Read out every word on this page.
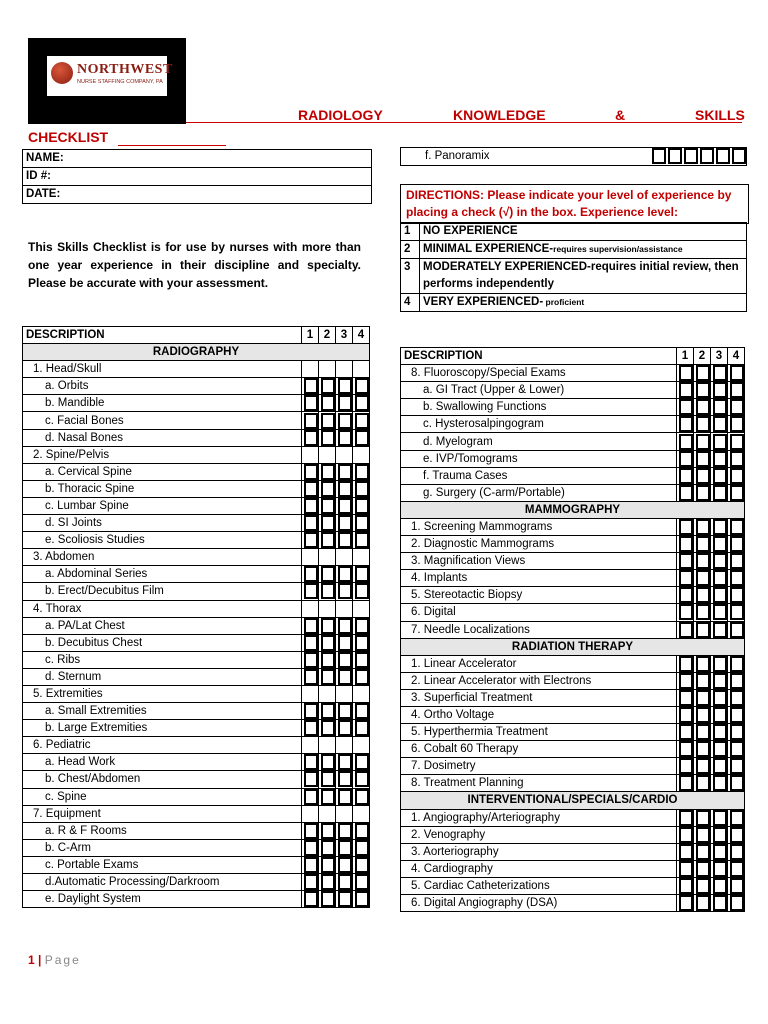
NORTHWEST
NURSE STAFFING COMPANY, PA
RADIOLOGY	KNOWLEDGE	&	SKILLS
CHECKLIST
NAME:
ID #:
DATE:
This Skills Checklist is for use by nurses with more than one year experience in their discipline and specialty. Please be accurate with your assessment.
f. Panoramix	
DIRECTIONS: Please indicate your level of experience by placing a check (√) in the box. Experience level:
1	NO EXPERIENCE
2	MINIMAL EXPERIENCE-requires supervision/assistance
3	MODERATELY EXPERIENCED-requires initial review, then performs independently
4	VERY EXPERIENCED- proficient
DESCRIPTION	1	2	3	4
RADIOGRAPHY				
1. Head/Skull				
a. Orbits				
b. Mandible				
c. Facial Bones				
d. Nasal Bones				
2. Spine/Pelvis				
a. Cervical Spine				
b. Thoracic Spine				
c. Lumbar Spine				
d. SI Joints				
e. Scoliosis Studies				
3. Abdomen				
a. Abdominal Series				
b. Erect/Decubitus Film				
4. Thorax				
a. PA/Lat Chest				
b. Decubitus Chest				
c. Ribs				
d. Sternum				
5. Extremities				
a. Small Extremities				
b. Large Extremities				
6. Pediatric				
a. Head Work				
b. Chest/Abdomen				
c. Spine				
7. Equipment				
a. R & F Rooms				
b. C-Arm				
c. Portable Exams				
d.Automatic Processing/Darkroom				
e. Daylight System				
DESCRIPTION	1	2	3	4
8. Fluoroscopy/Special Exams				
a. GI Tract (Upper & Lower)				
b. Swallowing Functions				
c. Hysterosalpingogram				
d. Myelogram				
e. IVP/Tomograms				
f. Trauma Cases				
g. Surgery (C-arm/Portable)				
MAMMOGRAPHY				
1. Screening Mammograms				
2. Diagnostic Mammograms				
3. Magnification Views				
4. Implants				
5. Stereotactic Biopsy				
6. Digital				
7. Needle Localizations				
RADIATION THERAPY				
1. Linear Accelerator				
2. Linear Accelerator with Electrons				
3. Superficial Treatment				
4. Ortho Voltage				
5. Hyperthermia Treatment				
6. Cobalt 60 Therapy				
7. Dosimetry				
8. Treatment Planning				
INTERVENTIONAL/SPECIALS/CARDIO				
1. Angiography/Arteriography				
2. Venography				
3. Aorteriography				
4. Cardiography				
5. Cardiac Catheterizations				
6. Digital Angiography (DSA)				
1 | Page
